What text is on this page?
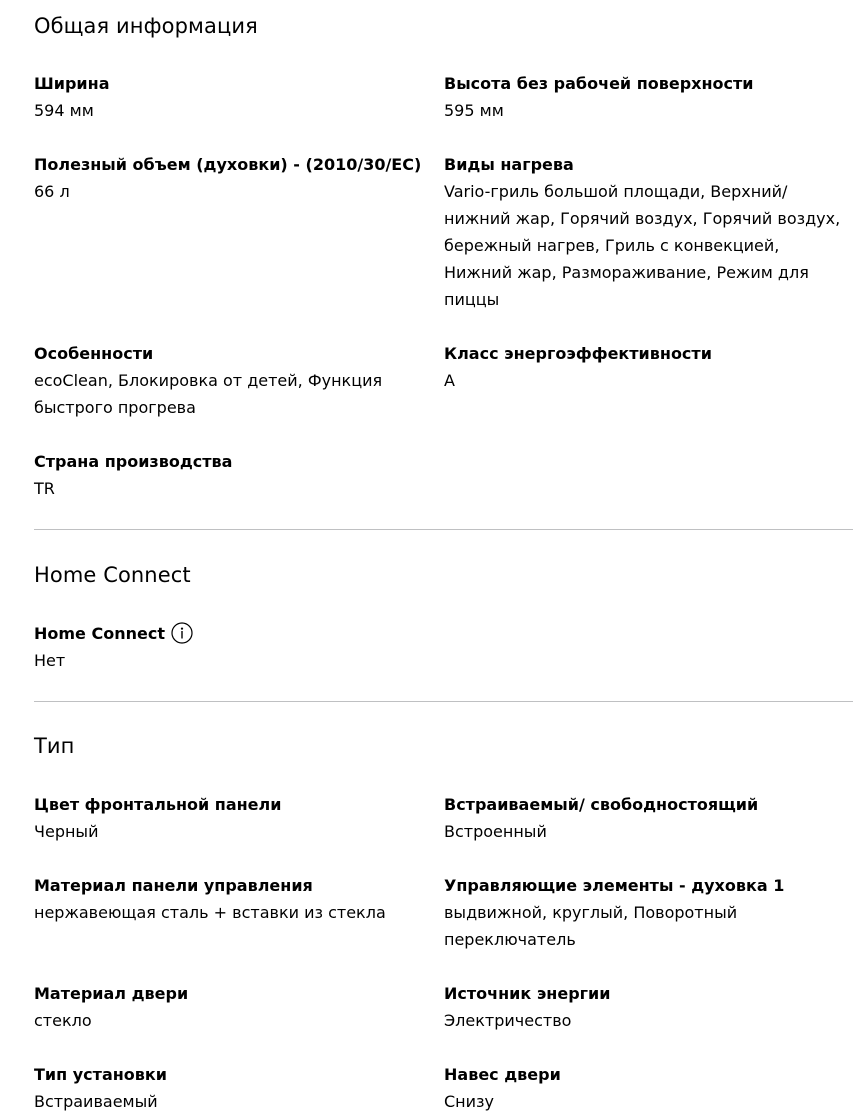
Общая информация
Ширина
594 мм
Высота без рабочей поверхности
595 мм
Полезный объем (духовки) - (2010/30/EC)
66 л
Виды нагрева
Vario-гриль большой площади, Верхний/ нижний жар, Горячий воздух, Горячий воздух, бережный нагрев, Гриль с конвекцией, Нижний жар, Размораживание, Режим для пиццы
Особенности
ecoClean, Блокировка от детей, Функция быстрого прогрева
Класс энергоэффективности
A
Страна производства
TR
Home Connect
Home Connect
Нет
Тип
Цвет фронтальной панели
Черный
Встраиваемый/ свободностоящий
Встроенный
Материал панели управления
нержавеющая сталь + вставки из стекла
Управляющие элементы - духовка 1
выдвижной, круглый, Поворотный переключатель
Материал двери
стекло
Источник энергии
Электричество
Тип установки
Встраиваемый
Навес двери
Снизу
